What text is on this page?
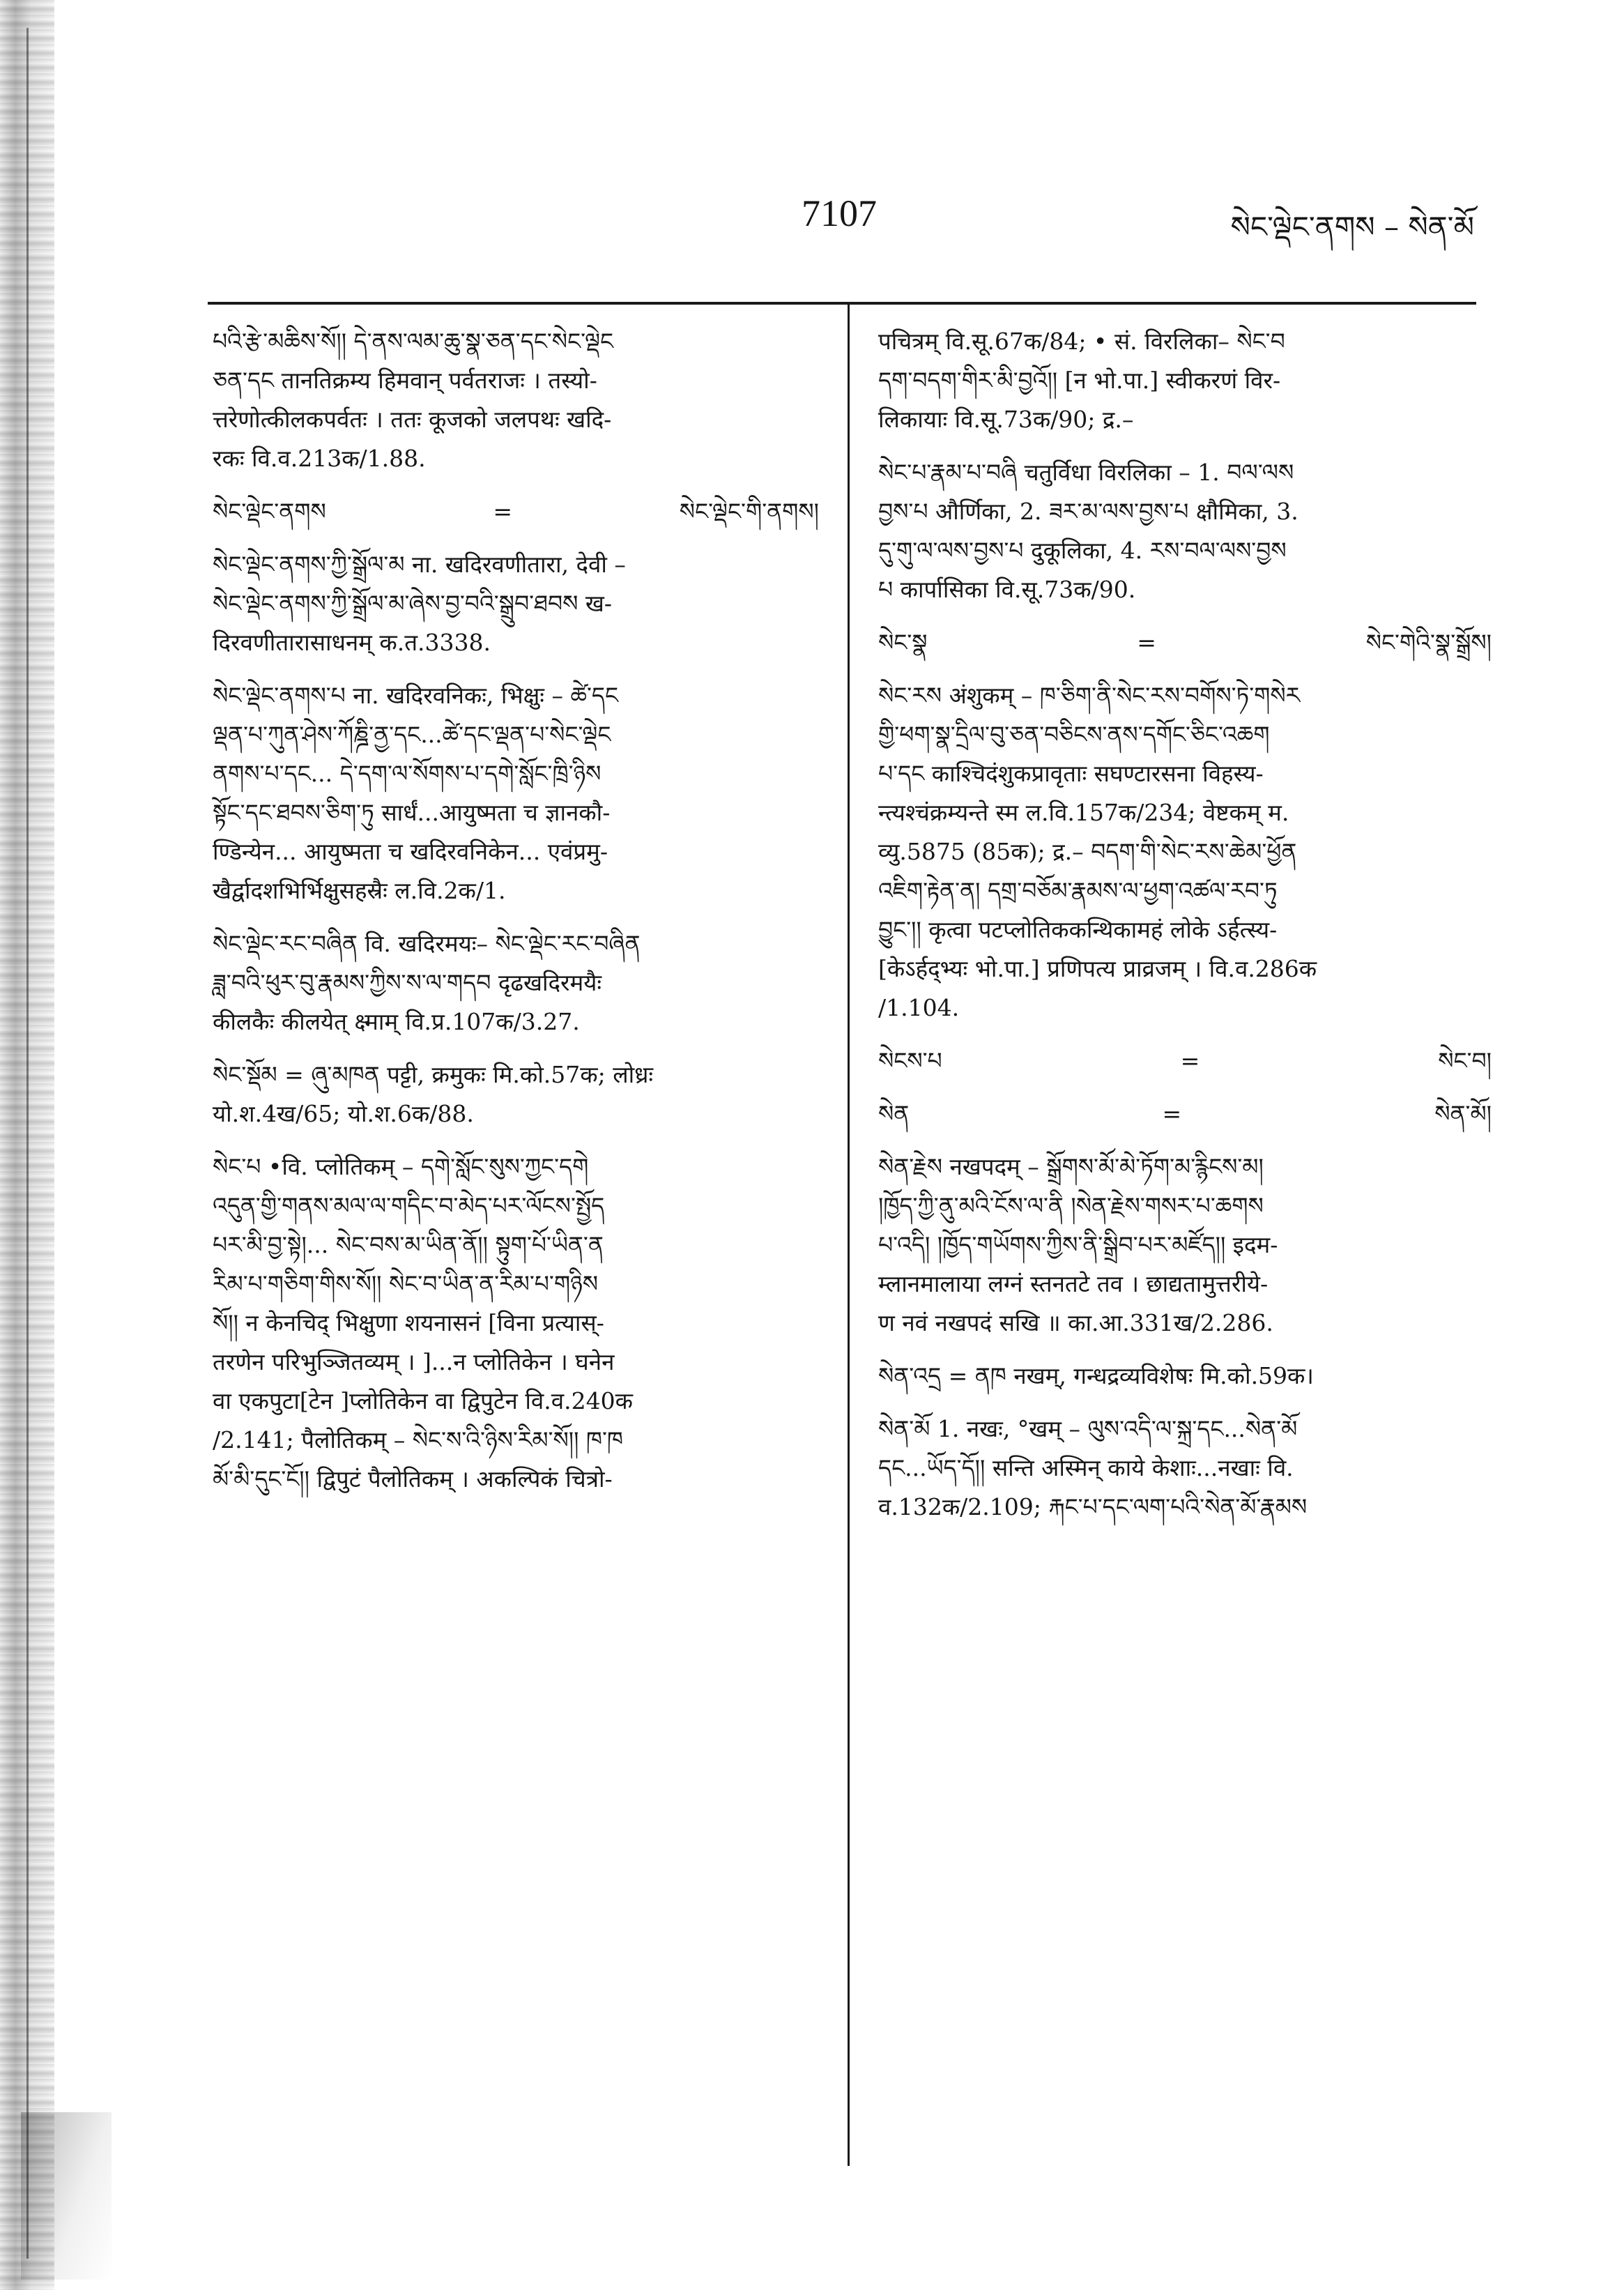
7107	སེང་ལྡེང་ནགས – སེན་མོ

པའི་རྩེ་མཆིས་སོ།། དེ་ནས་ལམ་ཆུ་སྣ་ཅན་དང་སེང་ལྡེང

ཅན་དང तानतिक्रम्य हिमवान् पर्वतराजः । तस्यो-

त्तरेणोत्कीलकपर्वतः । ततः कूजको जलपथः खदि-

रकः वि.व.213क/1.88.

སེང་ལྡེང་ནགས	=	སེང་ལྡེང་གི་ནགས།

སེང་ལྡེང་ནགས་ཀྱི་སྒྲོལ་མ ना. खदिरवणीतारा, देवी –

སེང་ལྡེང་ནགས་ཀྱི་སྒྲོལ་མ་ཞེས་བྱ་བའི་སྒྲུབ་ཐབས ख-

दिरवणीतारासाधनम् क.त.3338.

སེང་ལྡེང་ནགས་པ ना. खदिरवनिकः, भिक्षुः – ཚེ་དང

ལྡན་པ་ཀུན་ཤེས་ཀོཎྜི་ནྱ་དང...ཚེ་དང་ལྡན་པ་སེང་ལྡེང

ནགས་པ་དང... དེ་དག་ལ་སོགས་པ་དགེ་སློང་ཁྲི་ཉིས

སྟོང་དང་ཐབས་ཅིག་ཏུ सार्धं...आयुष्मता च ज्ञानकौ-

ण्डिन्येन... आयुष्मता च खदिरवनिकेन... एवंप्रमु-

खैर्द्वादशभिर्भिक्षुसहस्रैः ल.वि.2क/1.

སེང་ལྡེང་རང་བཞིན वि. खदिरमयः– སེང་ལྡེང་རང་བཞིན

ཟླ་བའི་ཕུར་བུ་རྣམས་ཀྱིས་ས་ལ་གདབ दृढखदिरमयैः

कीलकैः कीलयेत् क्ष्माम् वि.प्र.107क/3.27.

སེང་སྡོམ = ཞུ་མཁན पट्टी, क्रमुकः मि.को.57क; लोध्रः

यो.श.4ख/65; यो.श.6क/88.

སེང་པ •वि. प्लोतिकम् – དགེ་སློང་སུས་ཀྱང་དགེ

འདུན་གྱི་གནས་མལ་ལ་གདིང་བ་མེད་པར་ལོངས་སྤྱོད

པར་མི་བྱ་སྟེ།... སེང་བས་མ་ཡིན་ནོ།། སྟུག་པོ་ཡིན་ན

རིམ་པ་གཅིག་གིས་སོ།། སེང་བ་ཡིན་ན་རིམ་པ་གཉིས

སོ།། न केनचिद् भिक्षुणा शयनासनं [विना प्रत्यास्-

तरणेन परिभुञ्जितव्यम् । ]...न प्लोतिकेन । घनेन

वा एकपुटा[टेन ]प्लोतिकेन वा द्विपुटेन वि.व.240क

/2.141; पैलोतिकम् – སེང་ས་འི་ཉིས་རིམ་སོ།། ཁ་ཁ

མོ་མི་དུང་ངོ།། द्विपुटं पैलोतिकम् । अकल्पिकं चित्रो-

पचित्रम् वि.सू.67क/84; • सं. विरलिका– སེང་བ

དག་བདག་གིར་མི་བྱའོ།། [न भो.पा.] स्वीकरणं विर-

लिकायाः वि.सू.73क/90; द्र.–

སེང་པ་རྣམ་པ་བཞི चतुर्विधा विरलिका – 1. བལ་ལས

བྱས་པ और्णिका, 2. ཟར་མ་ལས་བྱས་པ क्षौमिका, 3.

དུ་གུ་ལ་ལས་བྱས་པ दुकूलिका, 4. རས་བལ་ལས་བྱས

པ कार्पासिका वि.सू.73क/90.

སེང་སྣ	=	སེང་གེའི་སྣ་སྒྲོས།

སེང་རས अंशुकम् – ཁ་ཅིག་ནི་སེང་རས་བགོས་ཏེ་གསེར

གྱི་ཕག་སྣ་དྲིལ་བུ་ཅན་བཅིངས་ནས་དགོང་ཅིང་འཆག

པ་དང काश्चिदंशुकप्रावृताः सघण्टारसना विहस्य-

न्त्यश्चंक्रम्यन्ते स्म ल.वि.157क/234; वेष्टकम् म.

व्यु.5875 (85क); द्र.– བདག་གི་སེང་རས་ཆེམ་ཕྱོན

འཇིག་རྟེན་ན། དགྲ་བཅོམ་རྣམས་ལ་ཕྱག་འཚལ་རབ་ཏུ

བྱུང་།། कृत्वा पटप्लोतिककन्थिकामहं लोके ऽर्हत्स्य-

[केऽर्हद्भ्यः भो.पा.] प्रणिपत्य प्राव्रजम् । वि.व.286क

/1.104.

སེངས་པ	=	སེང་བ།
སེན	=	སེན་མོ།

སེན་རྗེས नखपदम् – སྒྲོགས་མོ་མེ་ཏོག་མ་རྙིངས་མ།

།ཁྱོད་ཀྱི་ནུ་མའི་ངོས་ལ་ནི །སེན་རྗེས་གསར་པ་ཆགས

པ་འདི། །ཁྱོད་གཡོགས་ཀྱིས་ནི་སྒྲིབ་པར་མཛོད།། इदम-

म्लानमालाया लग्नं स्तनतटे तव । छाद्यतामुत्तरीये-

ण नवं नखपदं सखि ॥ का.आ.331ख/2.286.

སེན་འདྲ = ནཁ नखम्, गन्धद्रव्यविशेषः मि.को.59क।

སེན་མོ 1. नखः, °खम् – ལུས་འདི་ལ་སྐྲ་དང...སེན་མོ

དང...ཡོད་དོ།། सन्ति अस्मिन् काये केशाः...नखाः वि.

व.132क/2.109; རྐང་པ་དང་ལག་པའི་སེན་མོ་རྣམས
